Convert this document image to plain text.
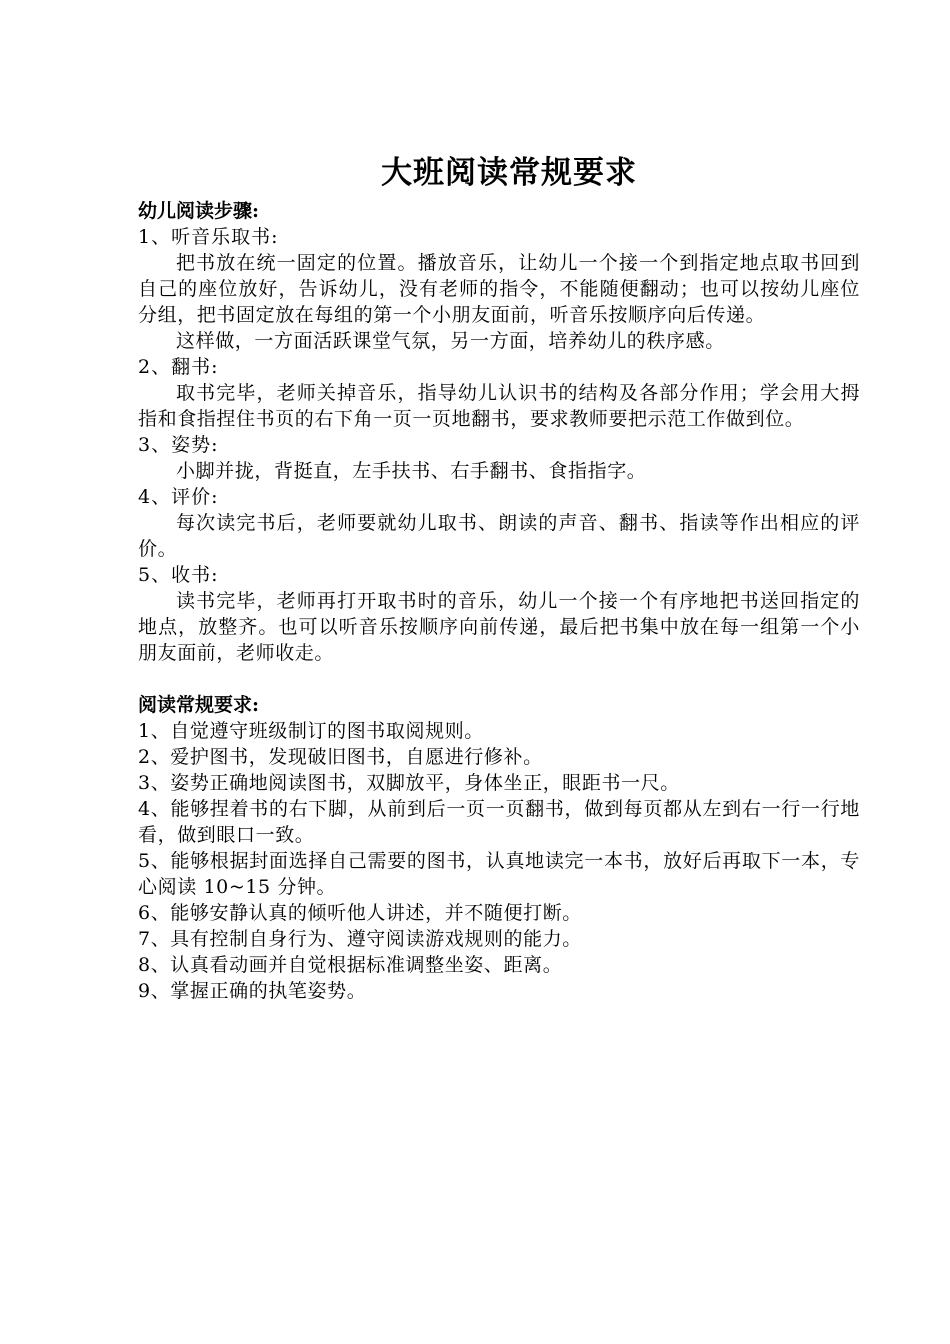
大班阅读常规要求

幼儿阅读步骤:

1、听音乐取书:

把书放在统一固定的位置。播放音乐，让幼儿一个接一个到指定地点取书回到自己的座位放好，告诉幼儿，没有老师的指令，不能随便翻动；也可以按幼儿座位分组，把书固定放在每组的第一个小朋友面前，听音乐按顺序向后传递。

这样做，一方面活跃课堂气氛，另一方面，培养幼儿的秩序感。

2、翻书:

取书完毕，老师关掉音乐，指导幼儿认识书的结构及各部分作用；学会用大拇指和食指捏住书页的右下角一页一页地翻书，要求教师要把示范工作做到位。

3、姿势:

小脚并拢，背挺直，左手扶书、右手翻书、食指指字。

4、评价:

每次读完书后，老师要就幼儿取书、朗读的声音、翻书、指读等作出相应的评价。

5、收书:

读书完毕，老师再打开取书时的音乐，幼儿一个接一个有序地把书送回指定的地点，放整齐。也可以听音乐按顺序向前传递，最后把书集中放在每一组第一个小朋友面前，老师收走。

阅读常规要求:

1、自觉遵守班级制订的图书取阅规则。

2、爱护图书，发现破旧图书，自愿进行修补。

3、姿势正确地阅读图书，双脚放平，身体坐正，眼距书一尺。

4、能够捏着书的右下脚，从前到后一页一页翻书，做到每页都从左到右一行一行地看，做到眼口一致。

5、能够根据封面选择自己需要的图书，认真地读完一本书，放好后再取下一本，专心阅读 10~15 分钟。

6、能够安静认真的倾听他人讲述，并不随便打断。

7、具有控制自身行为、遵守阅读游戏规则的能力。

8、认真看动画并自觉根据标准调整坐姿、距离。

9、掌握正确的执笔姿势。
